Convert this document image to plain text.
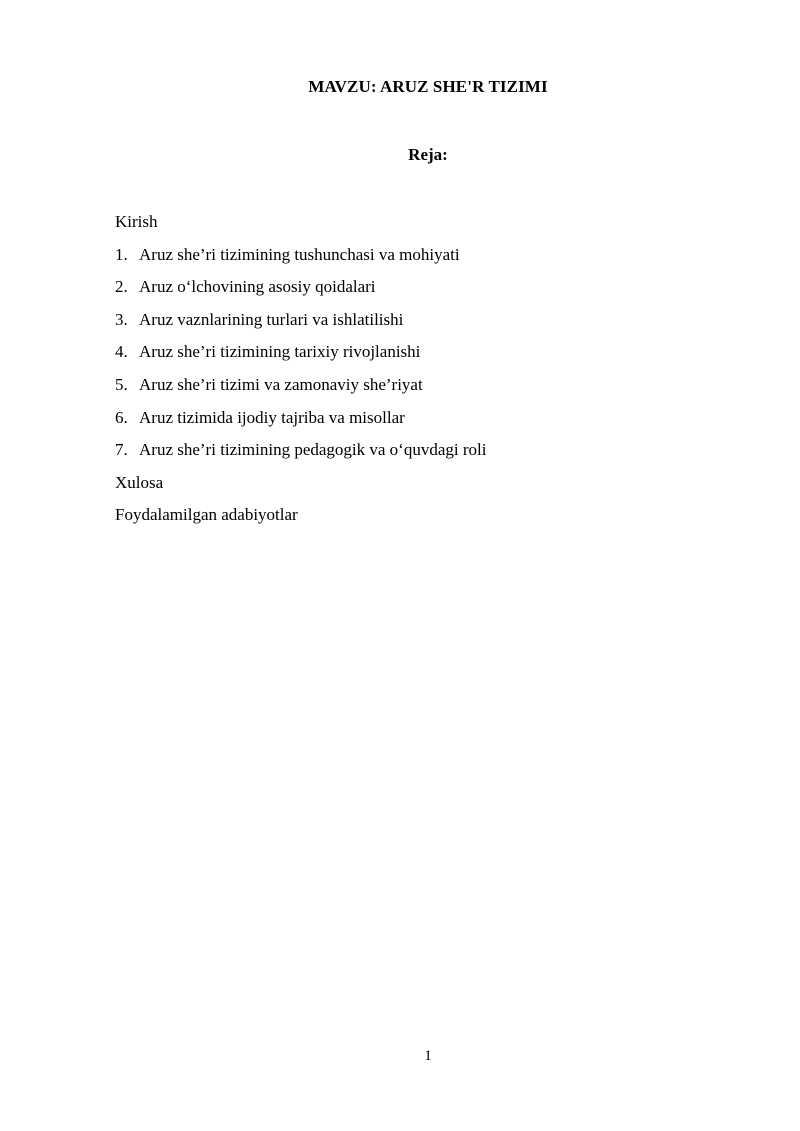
MAVZU: ARUZ SHE'R TIZIMI
Reja:
Kirish
1. Aruz she’ri tizimining tushunchasi va mohiyati
2. Aruz o‘lchovining asosiy qoidalari
3. Aruz vaznlarining turlari va ishlatilishi
4. Aruz she’ri tizimining tarixiy rivojlanishi
5. Aruz she’ri tizimi va zamonaviy she’riyat
6. Aruz tizimida ijodiy tajriba va misollar
7. Aruz she’ri tizimining pedagogik va o‘quvdagi roli
Xulosa
Foydalamilgan adabiyotlar
1
